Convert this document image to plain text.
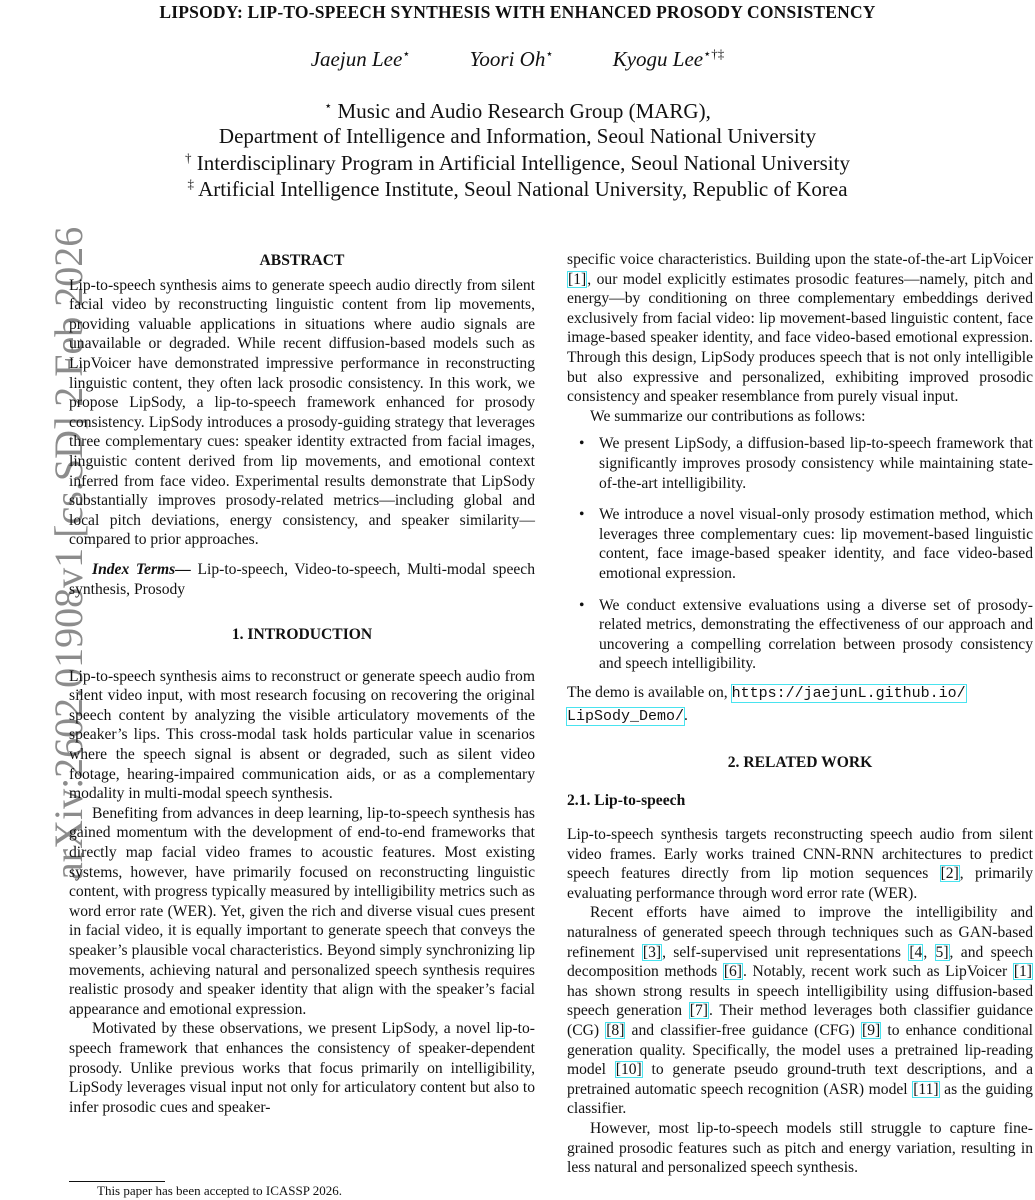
LIPSODY: LIP-TO-SPEECH SYNTHESIS WITH ENHANCED PROSODY CONSISTENCY
Jaejun Lee⋆	Yoori Oh⋆	Kyogu Lee⋆†‡
⋆ Music and Audio Research Group (MARG),
Department of Intelligence and Information, Seoul National University
† Interdisciplinary Program in Artificial Intelligence, Seoul National University
‡ Artificial Intelligence Institute, Seoul National University, Republic of Korea
arXiv:2602.01908v1 [cs.SD] 2 Feb 2026	ABSTRACT

Lip-to-speech synthesis aims to generate speech audio directly from silent facial video by reconstructing linguistic content from lip movements, providing valuable applications in situations where audio signals are unavailable or degraded. While recent diffusion-based models such as LipVoicer have demonstrated impressive performance in reconstructing linguistic content, they often lack prosodic consistency. In this work, we propose LipSody, a lip-to-speech framework enhanced for prosody consistency. LipSody introduces a prosody-guiding strategy that leverages three complementary cues: speaker identity extracted from facial images, linguistic content derived from lip movements, and emotional context inferred from face video. Experimental results demonstrate that LipSody substantially improves prosody-related metrics—including global and local pitch deviations, energy consistency, and speaker similarity—compared to prior approaches.

Index Terms— Lip-to-speech, Video-to-speech, Multi-modal speech synthesis, Prosody

1. INTRODUCTION

Lip-to-speech synthesis aims to reconstruct or generate speech audio from silent video input, with most research focusing on recovering the original speech content by analyzing the visible articulatory movements of the speaker’s lips. This cross-modal task holds particular value in scenarios where the speech signal is absent or degraded, such as silent video footage, hearing-impaired communication aids, or as a complementary modality in multi-modal speech synthesis.

Benefiting from advances in deep learning, lip-to-speech synthesis has gained momentum with the development of end-to-end frameworks that directly map facial video frames to acoustic features. Most existing systems, however, have primarily focused on reconstructing linguistic content, with progress typically measured by intelligibility metrics such as word error rate (WER). Yet, given the rich and diverse visual cues present in facial video, it is equally important to generate speech that conveys the speaker’s plausible vocal characteristics. Beyond simply synchronizing lip movements, achieving natural and personalized speech synthesis requires realistic prosody and speaker identity that align with the speaker’s facial appearance and emotional expression.

Motivated by these observations, we present LipSody, a novel lip-to-speech framework that enhances the consistency of speaker-dependent prosody. Unlike previous works that focus primarily on intelligibility, LipSody leverages visual input not only for articulatory content but also to infer prosodic cues and speaker-

specific voice characteristics. Building upon the state-of-the-art LipVoicer [1], our model explicitly estimates prosodic features—namely, pitch and energy—by conditioning on three complementary embeddings derived exclusively from facial video: lip movement-based linguistic content, face image-based speaker identity, and face video-based emotional expression. Through this design, LipSody produces speech that is not only intelligible but also expressive and personalized, exhibiting improved prosodic consistency and speaker resemblance from purely visual input.

We summarize our contributions as follows:

• We present LipSody, a diffusion-based lip-to-speech framework that significantly improves prosody consistency while maintaining state-of-the-art intelligibility.
• We introduce a novel visual-only prosody estimation method, which leverages three complementary cues: lip movement-based linguistic content, face image-based speaker identity, and face video-based emotional expression.
• We conduct extensive evaluations using a diverse set of prosody-related metrics, demonstrating the effectiveness of our approach and uncovering a compelling correlation between prosody consistency and speech intelligibility.

The demo is available on, https://jaejunL.github.io/
LipSody_Demo/.

2. RELATED WORK

2.1. Lip-to-speech

Lip-to-speech synthesis targets reconstructing speech audio from silent video frames. Early works trained CNN-RNN architectures to predict speech features directly from lip motion sequences [2], primarily evaluating performance through word error rate (WER).

Recent efforts have aimed to improve the intelligibility and naturalness of generated speech through techniques such as GAN-based refinement [3], self-supervised unit representations [4, 5], and speech decomposition methods [6]. Notably, recent work such as LipVoicer [1] has shown strong results in speech intelligibility using diffusion-based speech generation [7]. Their method leverages both classifier guidance (CG) [8] and classifier-free guidance (CFG) [9] to enhance conditional generation quality. Specifically, the model uses a pretrained lip-reading model [10] to generate pseudo ground-truth text descriptions, and a pretrained automatic speech recognition (ASR) model [11] as the guiding classifier.

However, most lip-to-speech models still struggle to capture fine-grained prosodic features such as pitch and energy variation, resulting in less natural and personalized speech synthesis.

This paper has been accepted to ICASSP 2026.
